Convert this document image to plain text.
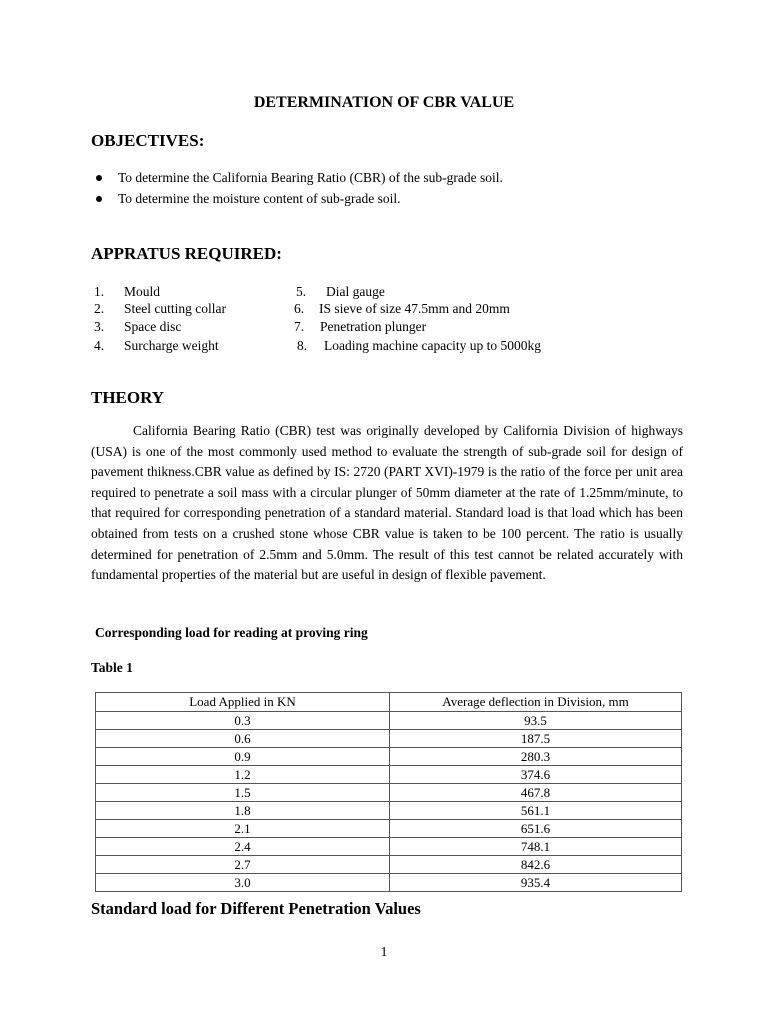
DETERMINATION OF CBR VALUE
OBJECTIVES:
To determine the California Bearing Ratio (CBR) of the sub-grade soil.
To determine the moisture content of sub-grade soil.
APPRATUS REQUIRED:
1. Mould
2. Steel cutting collar
3. Space disc
4. Surcharge weight
5. Dial gauge
6. IS sieve of size 47.5mm and 20mm
7. Penetration plunger
8. Loading machine capacity up to 5000kg
THEORY

California Bearing Ratio (CBR) test was originally developed by California Division of highways (USA) is one of the most commonly used method to evaluate the strength of sub-grade soil for design of pavement thikness.CBR value as defined by IS: 2720 (PART XVI)-1979 is the ratio of the force per unit area required to penetrate a soil mass with a circular plunger of 50mm diameter at the rate of 1.25mm/minute, to that required for corresponding penetration of a standard material. Standard load is that load which has been obtained from tests on a crushed stone whose CBR value is taken to be 100 percent. The ratio is usually determined for penetration of 2.5mm and 5.0mm. The result of this test cannot be related accurately with fundamental properties of the material but are useful in design of flexible pavement.

Corresponding load for reading at proving ring
Table 1
Load Applied in KN	Average deflection in Division, mm
0.3	93.5
0.6	187.5
0.9	280.3
1.2	374.6
1.5	467.8
1.8	561.1
2.1	651.6
2.4	748.1
2.7	842.6
3.0	935.4
Standard load for Different Penetration Values
1
